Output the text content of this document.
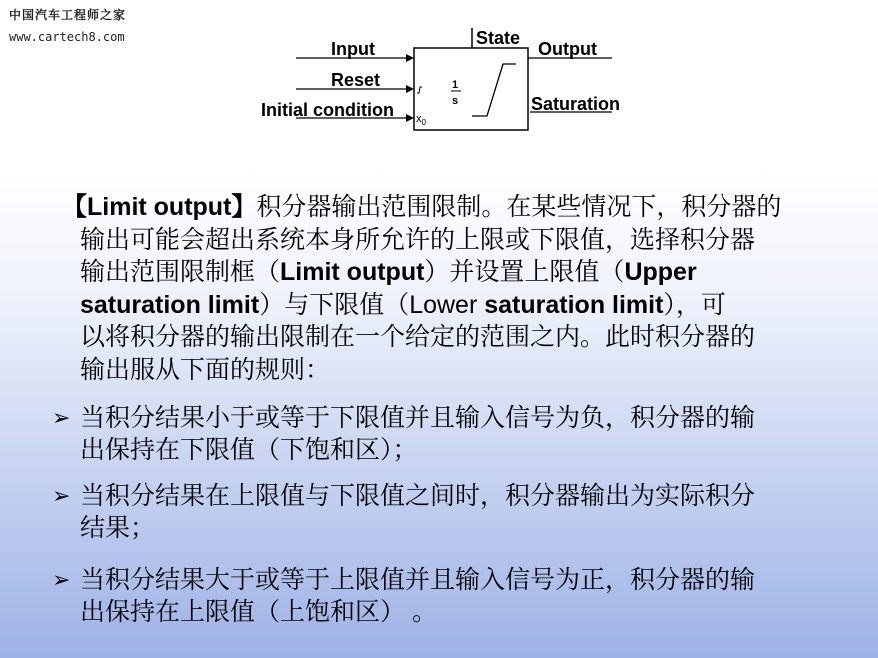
中国汽车工程师之家
www.cartech8.com
1
s
$x_0$
Input
Reset
Initial condition
State
Output
Saturation
【Limit output】积分器输出范围限制。在某些情况下，积分器的
输出可能会超出系统本身所允许的上限或下限值，选择积分器
输出范围限制框（Limit output）并设置上限值（Upper
saturation limit）与下限值（Lower saturation limit），可
以将积分器的输出限制在一个给定的范围之内。此时积分器的
输出服从下面的规则：
➢ 当积分结果小于或等于下限值并且输入信号为负，积分器的输
出保持在下限值（下饱和区）；
➢ 当积分结果在上限值与下限值之间时，积分器输出为实际积分
结果；
➢ 当积分结果大于或等于上限值并且输入信号为正，积分器的输
出保持在上限值（上饱和区） 。
